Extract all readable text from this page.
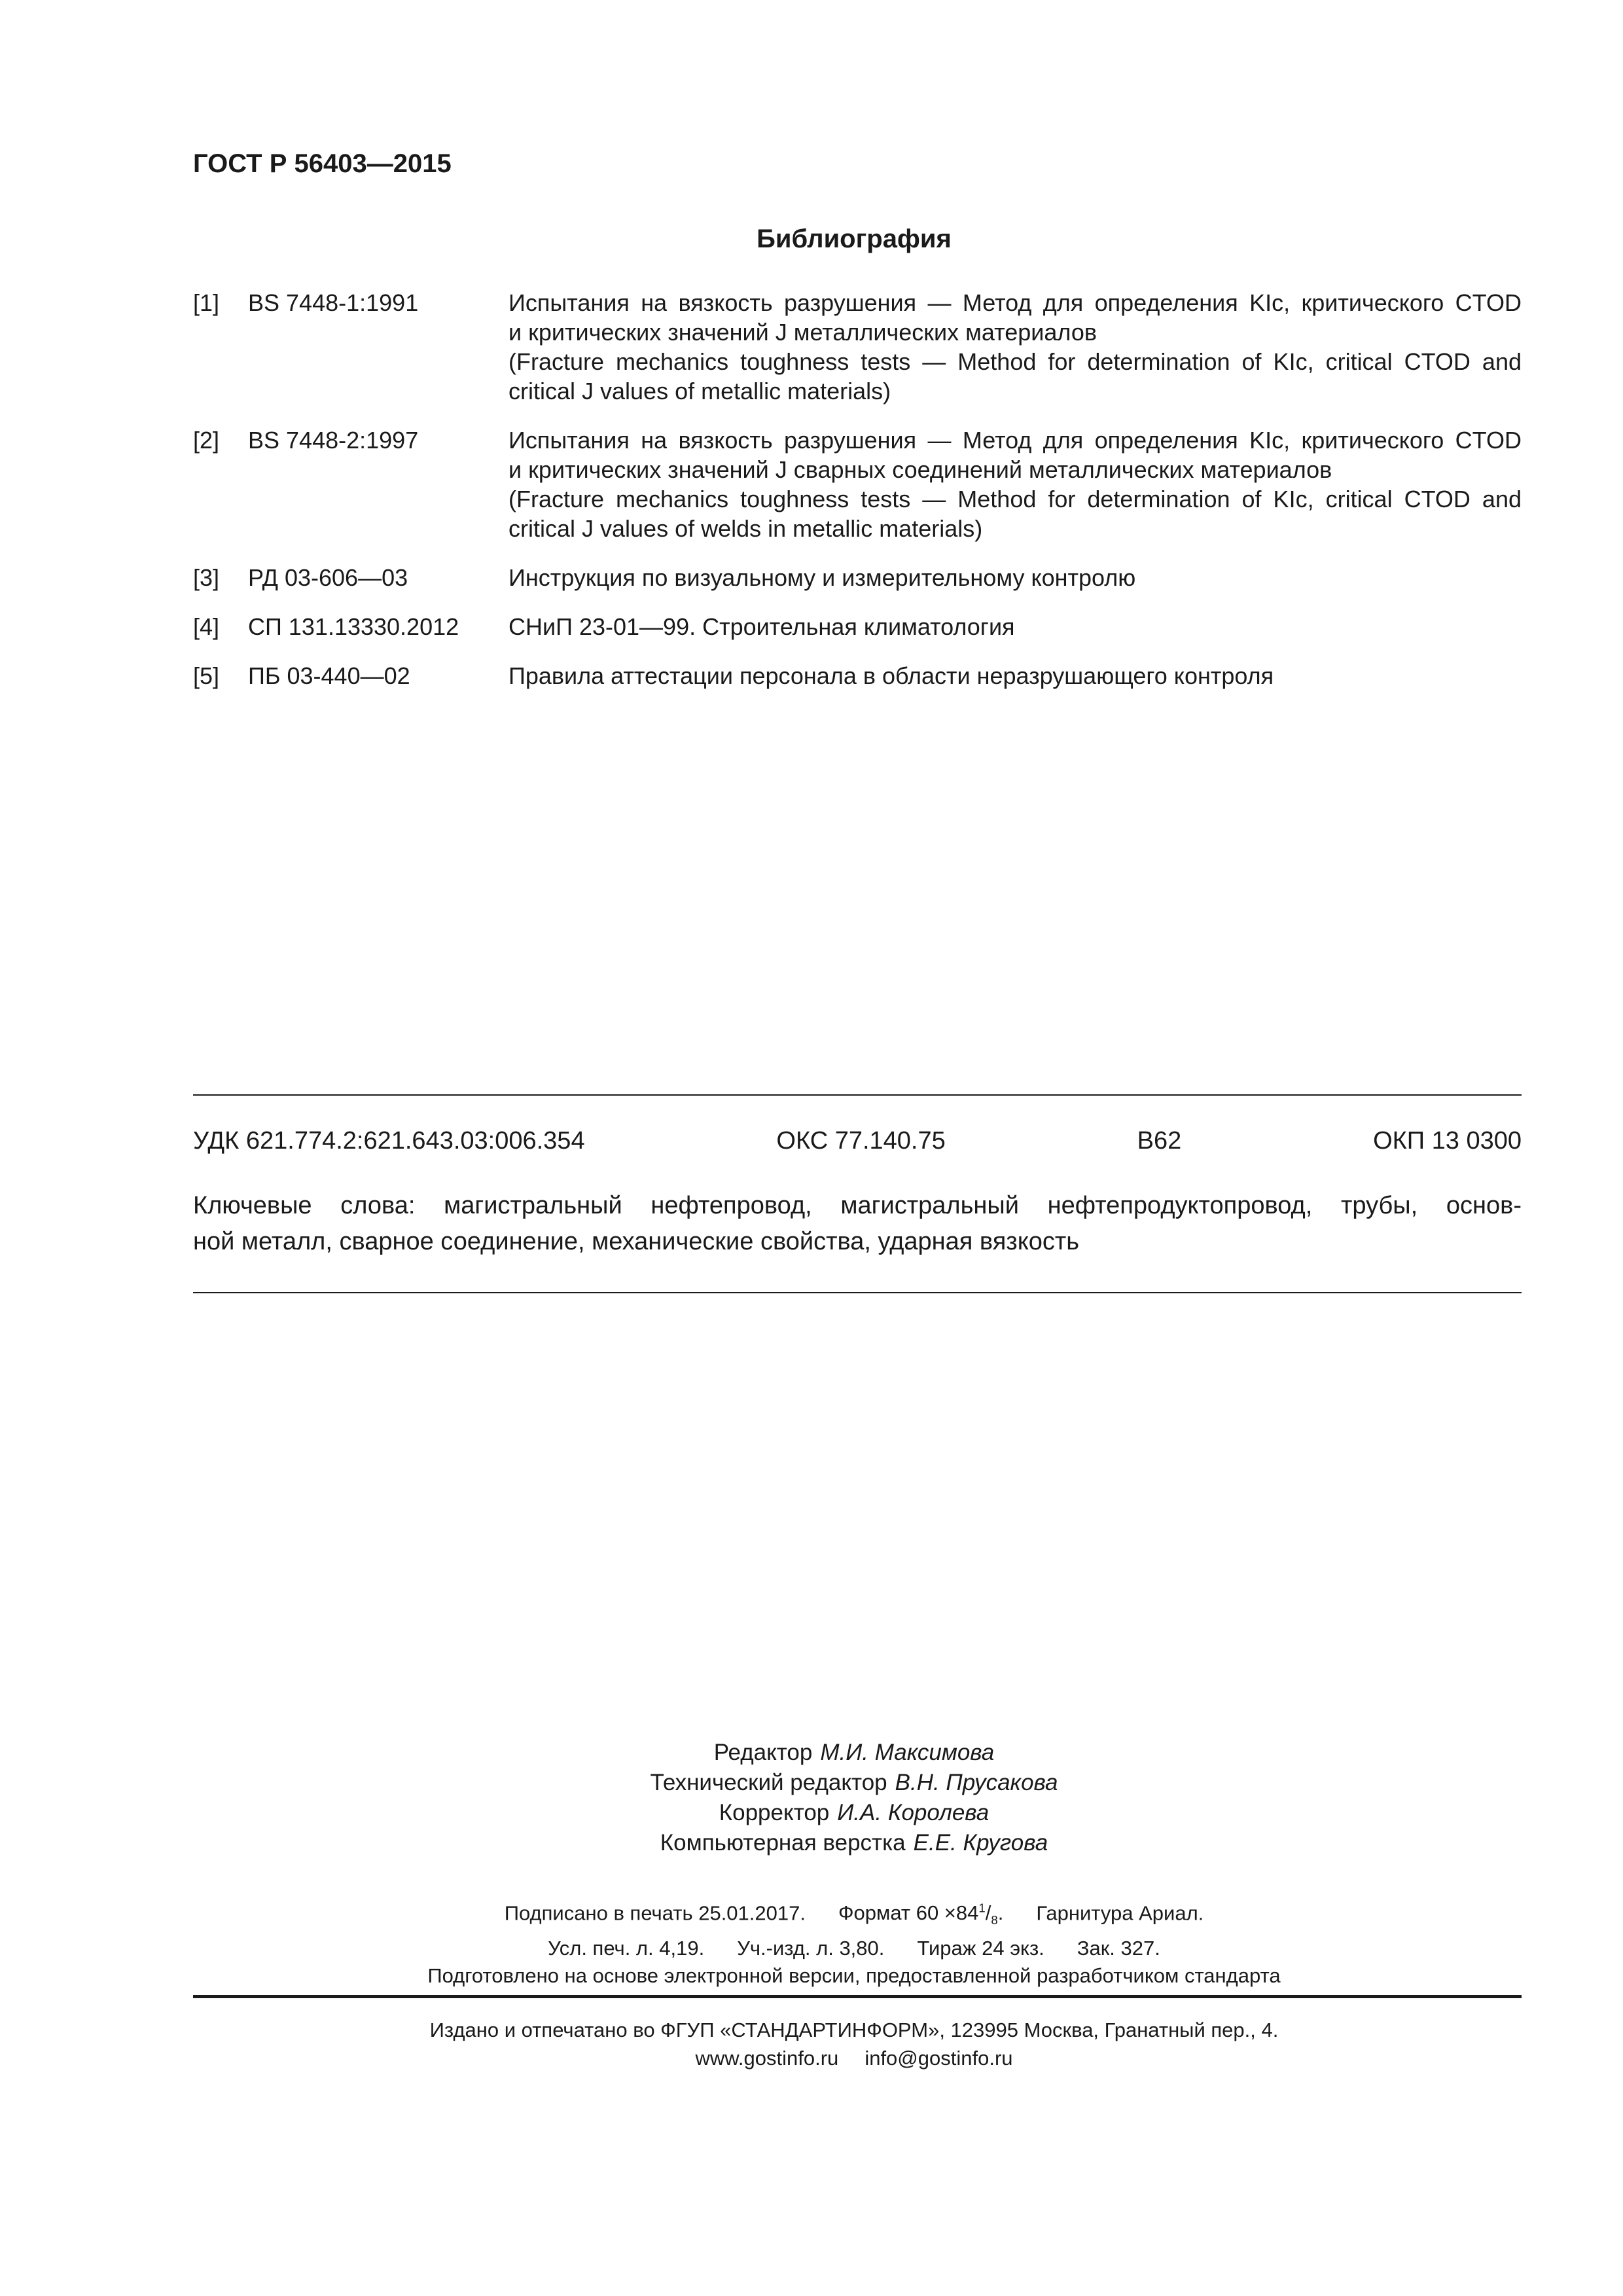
ГОСТ Р 56403—2015
Библиография
[1]	BS 7448-1:1991	Испытания на вязкость разрушения — Метод для определения KIc, критического CTOD
и критических значений J металлических материалов
(Fracture mechanics toughness tests — Method for determination of KIc, critical CTOD and
critical J values of metallic materials)
[2]	BS 7448-2:1997	Испытания на вязкость разрушения — Метод для определения KIc, критического CTOD
и критических значений J сварных соединений металлических материалов
(Fracture mechanics toughness tests — Method for determination of KIc, critical CTOD and
critical J values of welds in metallic materials)
[3]	РД 03-606—03	Инструкция по визуальному и измерительному контролю
[4]	СП 131.13330.2012	СНиП 23-01—99. Строительная климатология
[5]	ПБ 03-440—02	Правила аттестации персонала в области неразрушающего контроля
УДК 621.774.2:621.643.03:006.354	ОКС 77.140.75	В62	ОКП 13 0300
Ключевые слова: магистральный нефтепровод, магистральный нефтепродуктопровод, трубы, основ-
ной металл, сварное соединение, механические свойства, ударная вязкость
Редактор М.И. Максимова
Технический редактор В.Н. Прусакова
Корректор И.А. Королева
Компьютерная верстка Е.Е. Кругова
Подписано в печать 25.01.2017. Формат $60 \times 84^1/_8$. Гарнитура Ариал.
Усл. печ. л. 4,19. Уч.-изд. л. 3,80. Тираж 24 экз. Зак. 327.
Подготовлено на основе электронной версии, предоставленной разработчиком стандарта
Издано и отпечатано во ФГУП «СТАНДАРТИНФОРМ», 123995 Москва, Гранатный пер., 4.
www.gostinfo.ru info@gostinfo.ru
